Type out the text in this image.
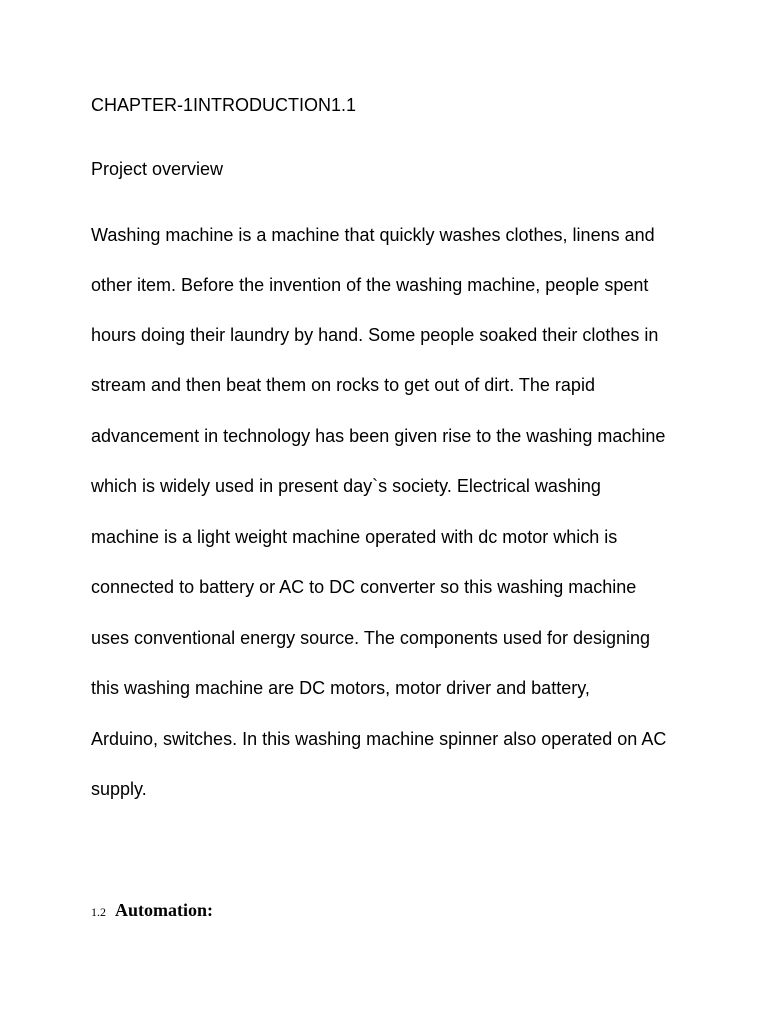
CHAPTER-1INTRODUCTION1.1
Project overview
Washing machine is a machine that quickly washes clothes, linens and
other item. Before the invention of the washing machine, people spent
hours doing their laundry by hand. Some people soaked their clothes in
stream and then beat them on rocks to get out of dirt. The rapid
advancement in technology has been given rise to the washing machine
which is widely used in present day`s society. Electrical washing
machine is a light weight machine operated with dc motor which is
connected to battery or AC to DC converter so this washing machine
uses conventional energy source. The components used for designing
this washing machine are DC motors, motor driver and battery,
Arduino, switches. In this washing machine spinner also operated on AC
supply.
1.2 Automation:
